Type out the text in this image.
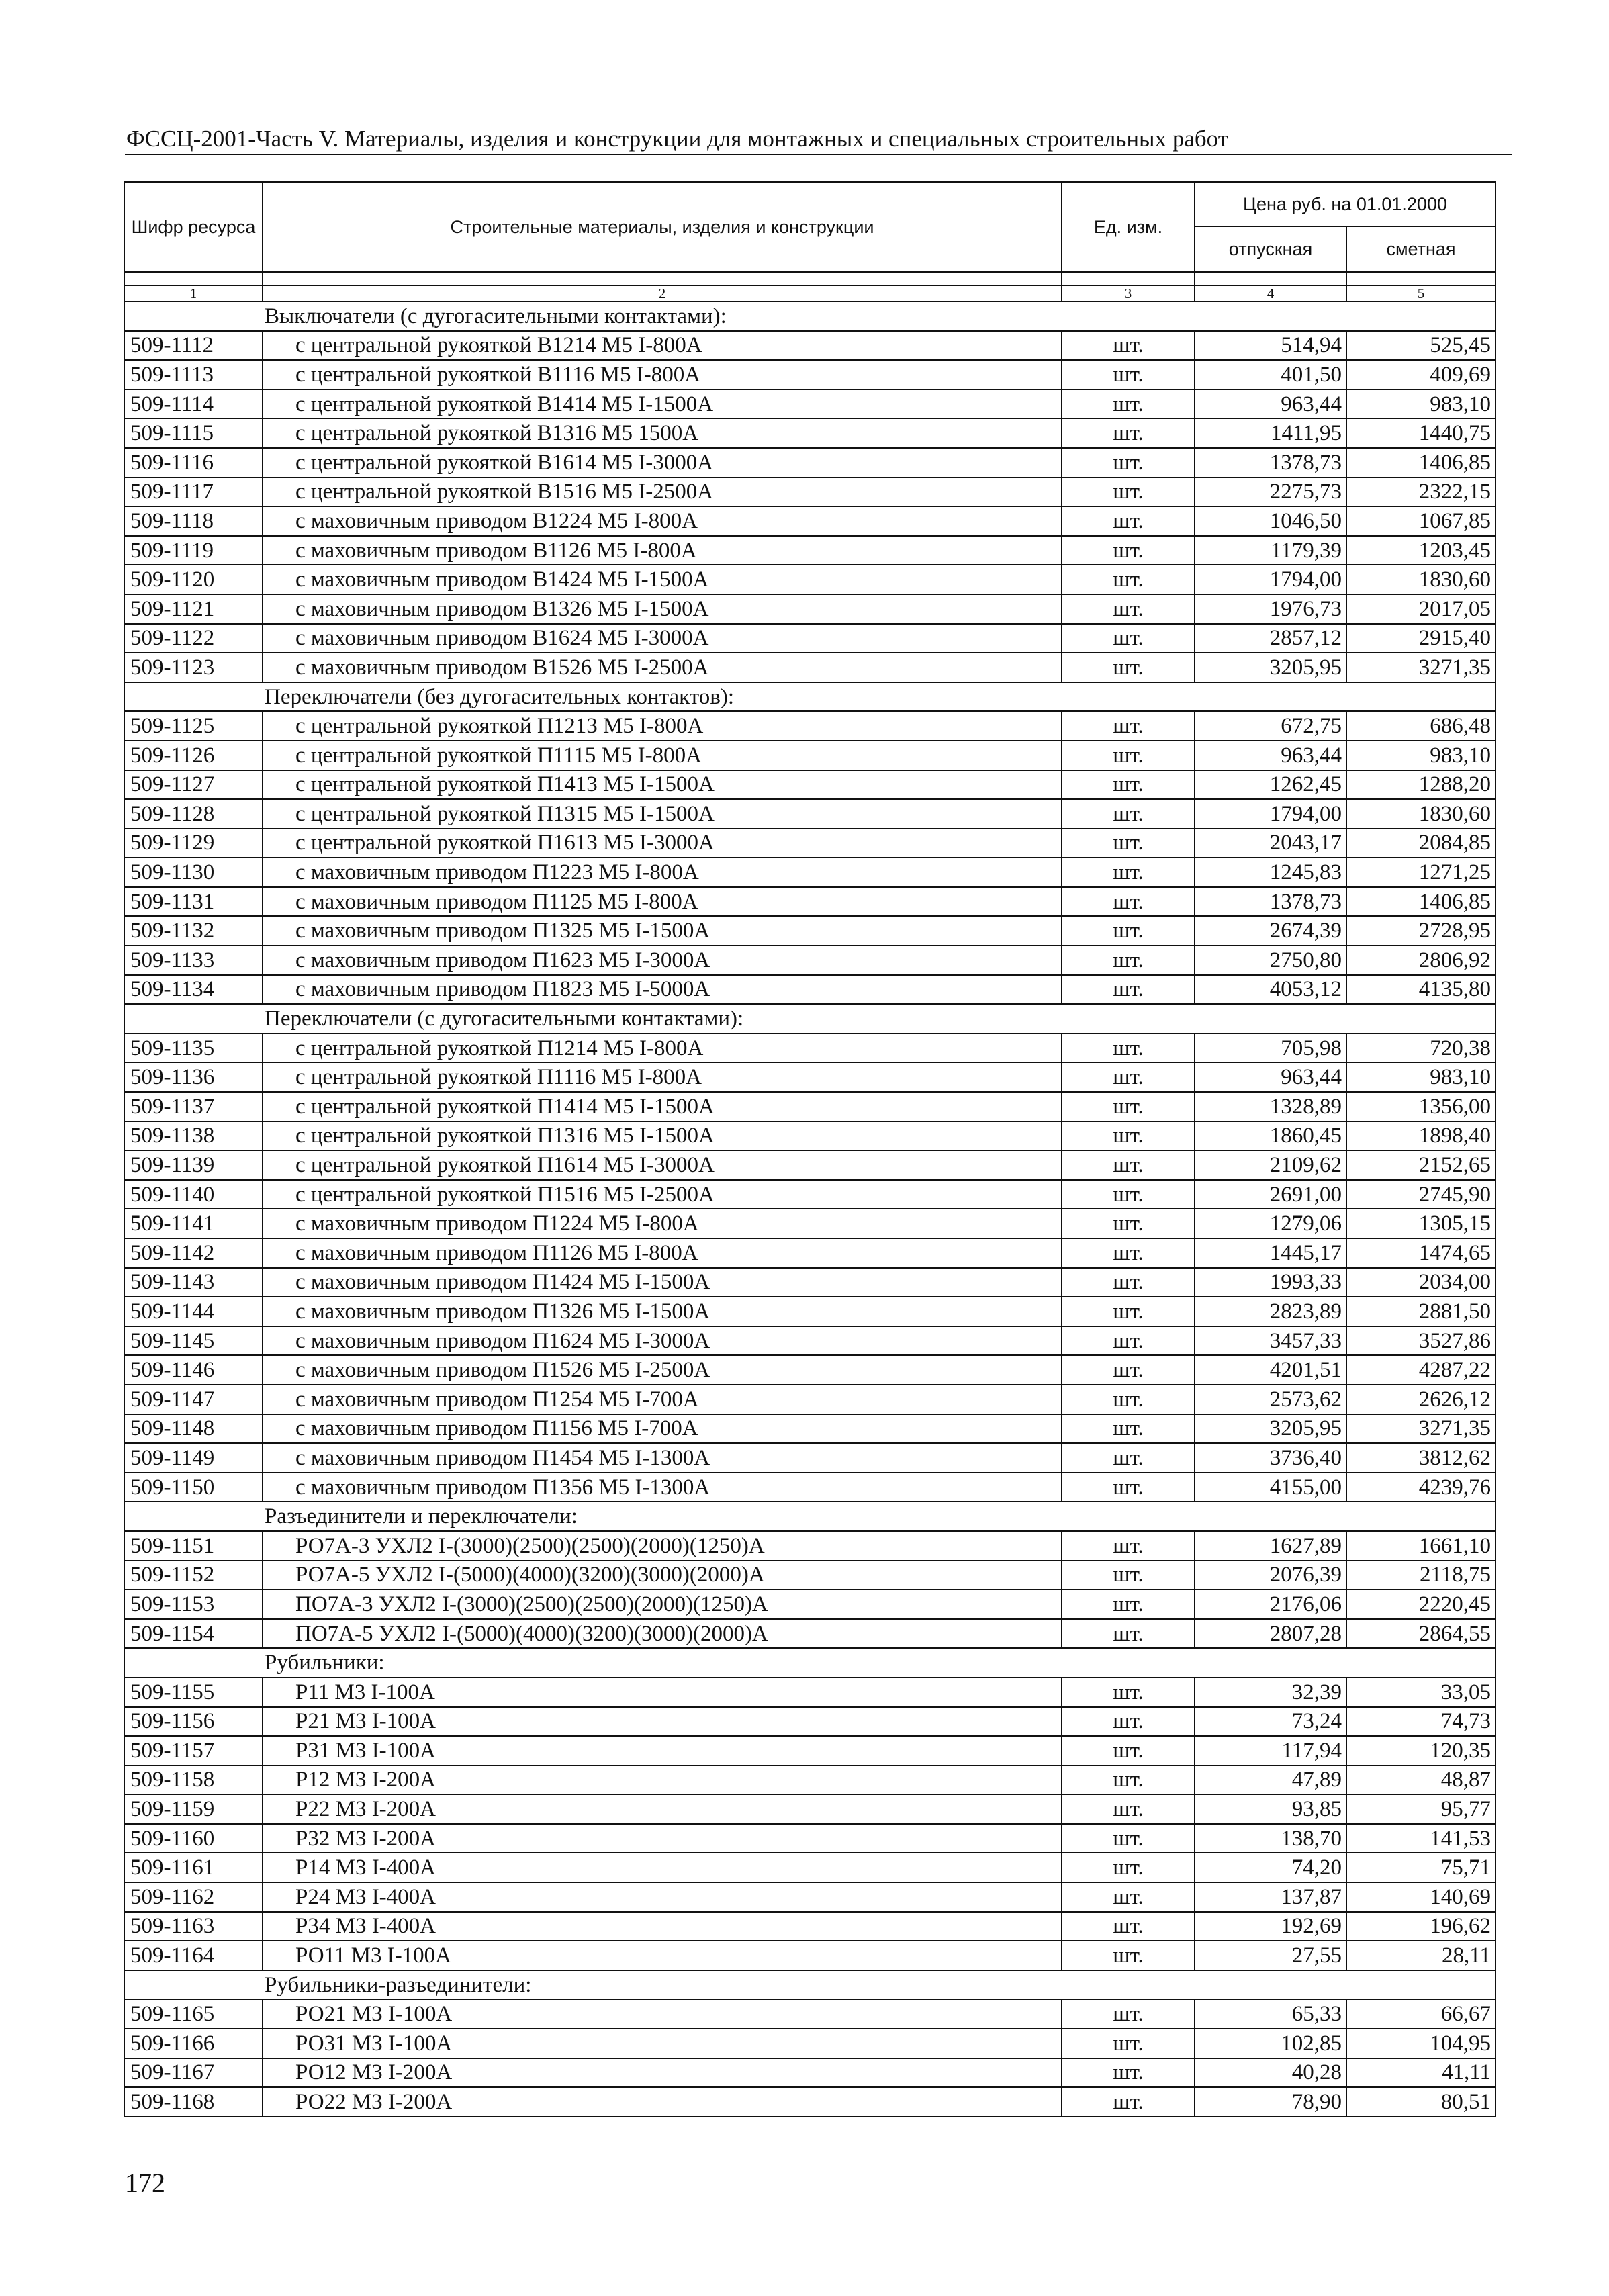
ФССЦ-2001-Часть V. Материалы, изделия и конструкции для монтажных и специальных строительных работ
Шифр ресурса	Строительные материалы, изделия и конструкции	Ед. изм.	Цена руб. на 01.01.2000	
			отпускная	сметная

1	2	3	4	5
Выключатели (с дугогасительными контактами):				
509-1112	с центральной рукояткой В1214 М5 I-800А	шт.	514,94	525,45
509-1113	с центральной рукояткой В1116 М5 I-800А	шт.	401,50	409,69
509-1114	с центральной рукояткой В1414 М5 I-1500А	шт.	963,44	983,10
509-1115	с центральной рукояткой В1316 М5 1500А	шт.	1411,95	1440,75
509-1116	с центральной рукояткой В1614 М5 I-3000А	шт.	1378,73	1406,85
509-1117	с центральной рукояткой В1516 М5 I-2500А	шт.	2275,73	2322,15
509-1118	с маховичным приводом В1224 М5 I-800А	шт.	1046,50	1067,85
509-1119	с маховичным приводом В1126 М5 I-800А	шт.	1179,39	1203,45
509-1120	с маховичным приводом В1424 М5 I-1500А	шт.	1794,00	1830,60
509-1121	с маховичным приводом В1326 М5 I-1500А	шт.	1976,73	2017,05
509-1122	с маховичным приводом В1624 М5 I-3000А	шт.	2857,12	2915,40
509-1123	с маховичным приводом В1526 М5 I-2500А	шт.	3205,95	3271,35
Переключатели (без дугогасительных контактов):				
509-1125	с центральной рукояткой П1213 М5 I-800А	шт.	672,75	686,48
509-1126	с центральной рукояткой П1115 М5 I-800А	шт.	963,44	983,10
509-1127	с центральной рукояткой П1413 М5 I-1500А	шт.	1262,45	1288,20
509-1128	с центральной рукояткой П1315 М5 I-1500А	шт.	1794,00	1830,60
509-1129	с центральной рукояткой П1613 М5 I-3000А	шт.	2043,17	2084,85
509-1130	с маховичным приводом П1223 М5 I-800А	шт.	1245,83	1271,25
509-1131	с маховичным приводом П1125 М5 I-800А	шт.	1378,73	1406,85
509-1132	с маховичным приводом П1325 М5 I-1500А	шт.	2674,39	2728,95
509-1133	с маховичным приводом П1623 М5 I-3000А	шт.	2750,80	2806,92
509-1134	с маховичным приводом П1823 М5 I-5000А	шт.	4053,12	4135,80
Переключатели (с дугогасительными контактами):				
509-1135	с центральной рукояткой П1214 М5 I-800А	шт.	705,98	720,38
509-1136	с центральной рукояткой П1116 М5 I-800А	шт.	963,44	983,10
509-1137	с центральной рукояткой П1414 М5 I-1500А	шт.	1328,89	1356,00
509-1138	с центральной рукояткой П1316 М5 I-1500А	шт.	1860,45	1898,40
509-1139	с центральной рукояткой П1614 М5 I-3000А	шт.	2109,62	2152,65
509-1140	с центральной рукояткой П1516 М5 I-2500А	шт.	2691,00	2745,90
509-1141	с маховичным приводом П1224 М5 I-800А	шт.	1279,06	1305,15
509-1142	с маховичным приводом П1126 М5 I-800А	шт.	1445,17	1474,65
509-1143	с маховичным приводом П1424 М5 I-1500А	шт.	1993,33	2034,00
509-1144	с маховичным приводом П1326 М5 I-1500А	шт.	2823,89	2881,50
509-1145	с маховичным приводом П1624 М5 I-3000А	шт.	3457,33	3527,86
509-1146	с маховичным приводом П1526 М5 I-2500А	шт.	4201,51	4287,22
509-1147	с маховичным приводом П1254 М5 I-700А	шт.	2573,62	2626,12
509-1148	с маховичным приводом П1156 М5 I-700А	шт.	3205,95	3271,35
509-1149	с маховичным приводом П1454 М5 I-1300А	шт.	3736,40	3812,62
509-1150	с маховичным приводом П1356 М5 I-1300А	шт.	4155,00	4239,76
Разъединители и переключатели:				
509-1151	РО7А-3 УХЛ2 I-(3000)(2500)(2500)(2000)(1250)А	шт.	1627,89	1661,10
509-1152	РО7А-5 УХЛ2 I-(5000)(4000)(3200)(3000)(2000)А	шт.	2076,39	2118,75
509-1153	ПО7А-3 УХЛ2 I-(3000)(2500)(2500)(2000)(1250)А	шт.	2176,06	2220,45
509-1154	ПО7А-5 УХЛ2 I-(5000)(4000)(3200)(3000)(2000)А	шт.	2807,28	2864,55
Рубильники:				
509-1155	Р11 М3 I-100А	шт.	32,39	33,05
509-1156	Р21 М3 I-100А	шт.	73,24	74,73
509-1157	Р31 М3 I-100А	шт.	117,94	120,35
509-1158	Р12 М3 I-200А	шт.	47,89	48,87
509-1159	Р22 М3 I-200А	шт.	93,85	95,77
509-1160	Р32 М3 I-200А	шт.	138,70	141,53
509-1161	Р14 М3 I-400А	шт.	74,20	75,71
509-1162	Р24 М3 I-400А	шт.	137,87	140,69
509-1163	Р34 М3 I-400А	шт.	192,69	196,62
509-1164	РО11 М3 I-100А	шт.	27,55	28,11
Рубильники-разъединители:				
509-1165	РО21 М3 I-100А	шт.	65,33	66,67
509-1166	РО31 М3 I-100А	шт.	102,85	104,95
509-1167	РО12 М3 I-200А	шт.	40,28	41,11
509-1168	РО22 М3 I-200А	шт.	78,90	80,51
172
